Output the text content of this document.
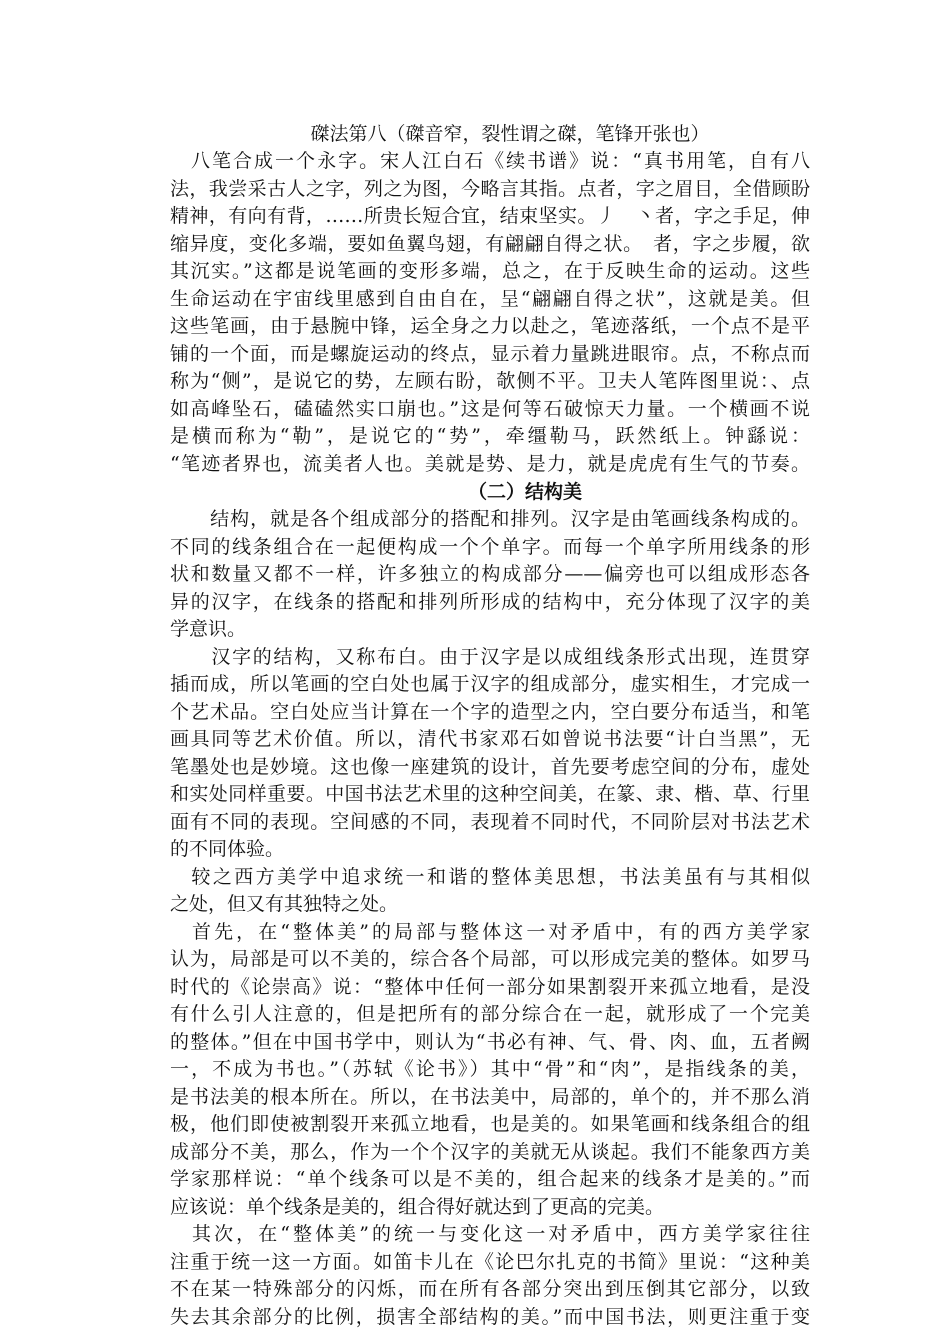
磔法第八（磔音窄，裂性谓之磔，笔锋开张也）
　八笔合成一个永字。宋人江白石《续书谱》说：“真书用笔，自有八
法，我尝采古人之字，列之为图，今略言其指。点者，字之眉目，全借顾盼
精神，有向有背，……所贵长短合宜，结束坚实。丿　丶者，字之手足，伸
缩异度，变化多端，要如鱼翼鸟翅，有翩翩自得之状。　者，字之步履，欲
其沉实。”这都是说笔画的变形多端，总之，在于反映生命的运动。这些
生命运动在宇宙线里感到自由自在，呈“翩翩自得之状”，这就是美。但
这些笔画，由于悬腕中锋，运全身之力以赴之，笔迹落纸，一个点不是平
铺的一个面，而是螺旋运动的终点，显示着力量跳进眼帘。点，不称点而
称为“侧”，是说它的势，左顾右盼，欹侧不平。卫夫人笔阵图里说：、点
如高峰坠石，磕磕然实口崩也。”这是何等石破惊天力量。一个横画不说
是横而称为“勒”，是说它的“势”，牵缰勒马，跃然纸上。钟繇说：
“笔迹者界也，流美者人也。美就是势、是力，就是虎虎有生气的节奏。
（二）结构美
　　结构，就是各个组成部分的搭配和排列。汉字是由笔画线条构成的。
不同的线条组合在一起便构成一个个单字。而每一个单字所用线条的形
状和数量又都不一样，许多独立的构成部分——偏旁也可以组成形态各
异的汉字，在线条的搭配和排列所形成的结构中，充分体现了汉字的美
学意识。
　　汉字的结构，又称布白。由于汉字是以成组线条形式出现，连贯穿
插而成，所以笔画的空白处也属于汉字的组成部分，虚实相生，才完成一
个艺术品。空白处应当计算在一个字的造型之内，空白要分布适当，和笔
画具同等艺术价值。所以，清代书家邓石如曾说书法要“计白当黑”，无
笔墨处也是妙境。这也像一座建筑的设计，首先要考虑空间的分布，虚处
和实处同样重要。中国书法艺术里的这种空间美，在篆、隶、楷、草、行里
面有不同的表现。空间感的不同，表现着不同时代，不同阶层对书法艺术
的不同体验。
　较之西方美学中追求统一和谐的整体美思想，书法美虽有与其相似
之处，但又有其独特之处。
　首先，在“整体美”的局部与整体这一对矛盾中，有的西方美学家
认为，局部是可以不美的，综合各个局部，可以形成完美的整体。如罗马
时代的《论崇高》说：“整体中任何一部分如果割裂开来孤立地看，是没
有什么引人注意的，但是把所有的部分综合在一起，就形成了一个完美
的整体。”但在中国书学中，则认为“书必有神、气、骨、肉、血，五者阙
一，不成为书也。”（苏轼《论书》）其中“骨”和“肉”，是指线条的美，
是书法美的根本所在。所以，在书法美中，局部的，单个的，并不那么消
极，他们即使被割裂开来孤立地看，也是美的。如果笔画和线条组合的组
成部分不美，那么，作为一个个汉字的美就无从谈起。我们不能象西方美
学家那样说：“单个线条可以是不美的，组合起来的线条才是美的。”而
应该说：单个线条是美的，组合得好就达到了更高的完美。
　其次，在“整体美”的统一与变化这一对矛盾中，西方美学家往往
注重于统一这一方面。如笛卡儿在《论巴尔扎克的书简》里说：“这种美
不在某一特殊部分的闪烁，而在所有各部分突出到压倒其它部分，以致
失去其余部分的比例，损害全部结构的美。”而中国书法，则更注重于变
